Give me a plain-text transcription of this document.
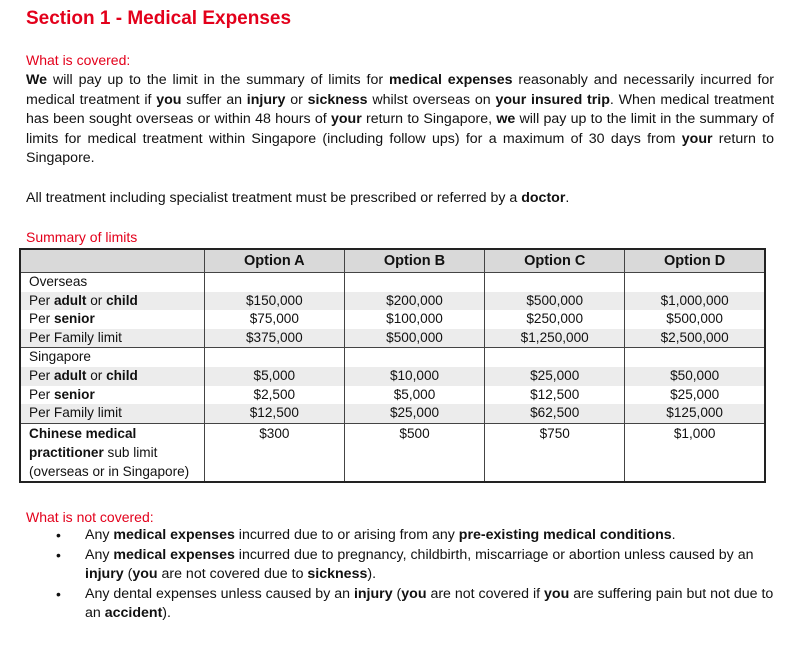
Section 1 - Medical Expenses
What is covered:
We will pay up to the limit in the summary of limits for medical expenses reasonably and necessarily incurred for medical treatment if you suffer an injury or sickness whilst overseas on your insured trip. When medical treatment has been sought overseas or within 48 hours of your return to Singapore, we will pay up to the limit in the summary of limits for medical treatment within Singapore (including follow ups) for a maximum of 30 days from your return to Singapore.
All treatment including specialist treatment must be prescribed or referred by a doctor.
Summary of limits
	Option A	Option B	Option C	Option D
Overseas				
Per adult or child	$150,000	$200,000	$500,000	$1,000,000
Per senior	$75,000	$100,000	$250,000	$500,000
Per Family limit	$375,000	$500,000	$1,250,000	$2,500,000
Singapore				
Per adult or child	$5,000	$10,000	$25,000	$50,000
Per senior	$2,500	$5,000	$12,500	$25,000
Per Family limit	$12,500	$25,000	$62,500	$125,000
Chinese medical practitioner sub limit (overseas or in Singapore)	$300	$500	$750	$1,000
What is not covered:
• Any medical expenses incurred due to or arising from any pre-existing medical conditions.
• Any medical expenses incurred due to pregnancy, childbirth, miscarriage or abortion unless caused by an injury (you are not covered due to sickness).
• Any dental expenses unless caused by an injury (you are not covered if you are suffering pain but not due to an accident).
